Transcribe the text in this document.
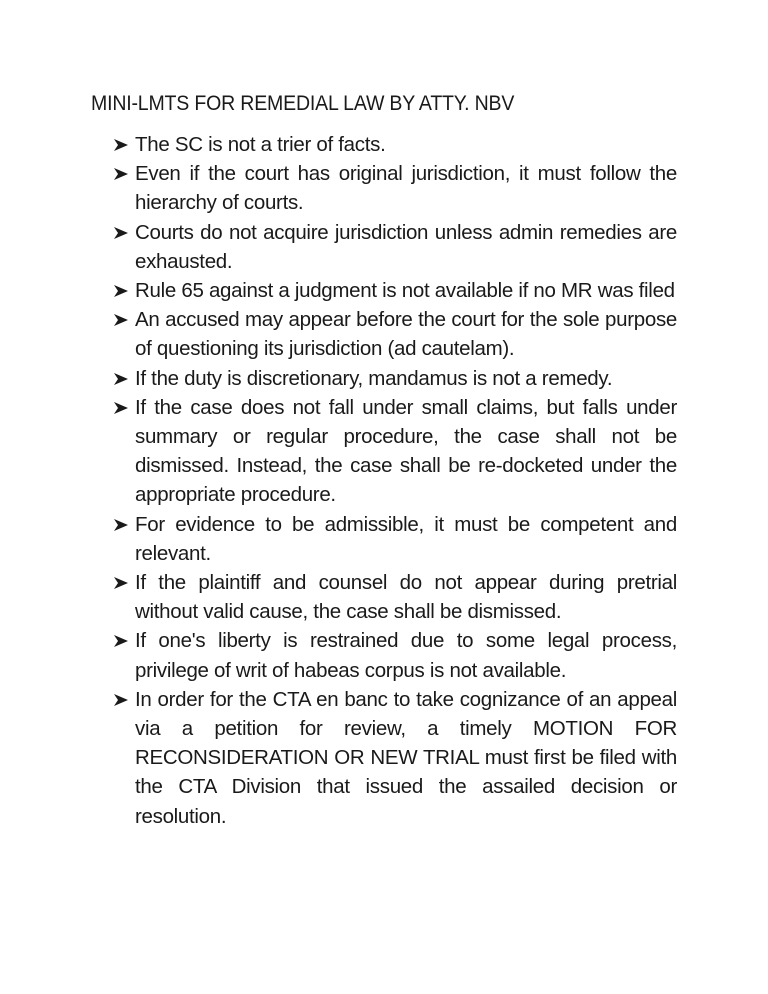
MINI-LMTS FOR REMEDIAL LAW BY ATTY. NBV
The SC is not a trier of facts.
Even if the court has original jurisdiction, it must follow the hierarchy of courts.
Courts do not acquire jurisdiction unless admin remedies are exhausted.
Rule 65 against a judgment is not available if no MR was filed
An accused may appear before the court for the sole purpose of questioning its jurisdiction (ad cautelam).
If the duty is discretionary, mandamus is not a remedy.
If the case does not fall under small claims, but falls under summary or regular procedure, the case shall not be dismissed. Instead, the case shall be re-docketed under the appropriate procedure.
For evidence to be admissible, it must be competent and relevant.
If the plaintiff and counsel do not appear during pretrial without valid cause, the case shall be dismissed.
If one's liberty is restrained due to some legal process, privilege of writ of habeas corpus is not available.
In order for the CTA en banc to take cognizance of an appeal via a petition for review, a timely MOTION FOR RECONSIDERATION OR NEW TRIAL must first be filed with the CTA Division that issued the assailed decision or resolution.
